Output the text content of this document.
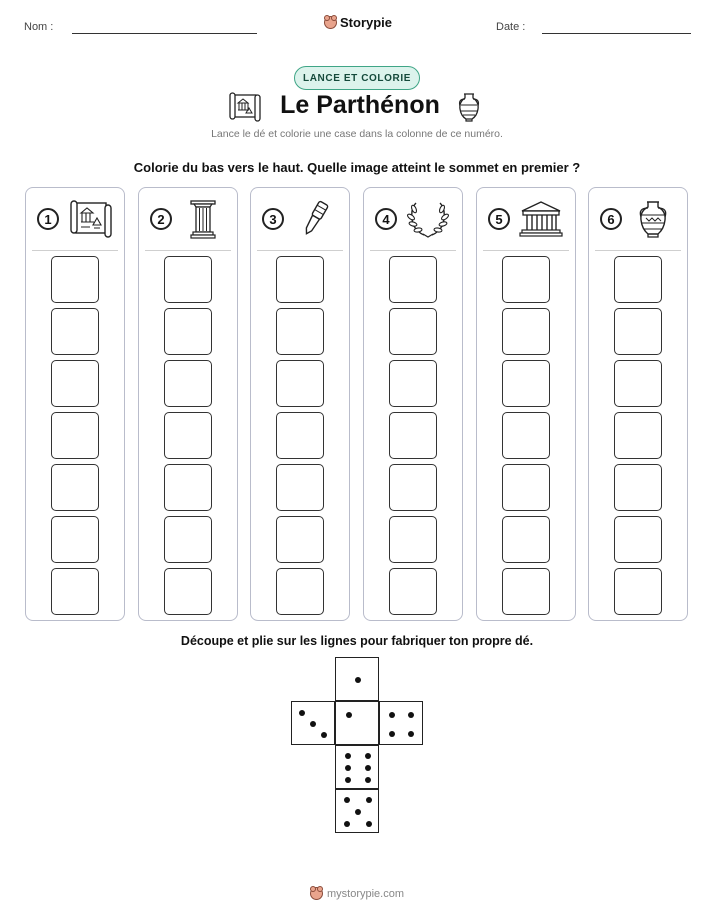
Nom :	Storypie	Date :
LANCE ET COLORIE
Le Parthénon
Lance le dé et colorie une case dans la colonne de ce numéro.
Colorie du bas vers le haut. Quelle image atteint le sommet en premier ?
1	2	3	4	5	6
Découpe et plie sur les lignes pour fabriquer ton propre dé.
mystorypie.com
